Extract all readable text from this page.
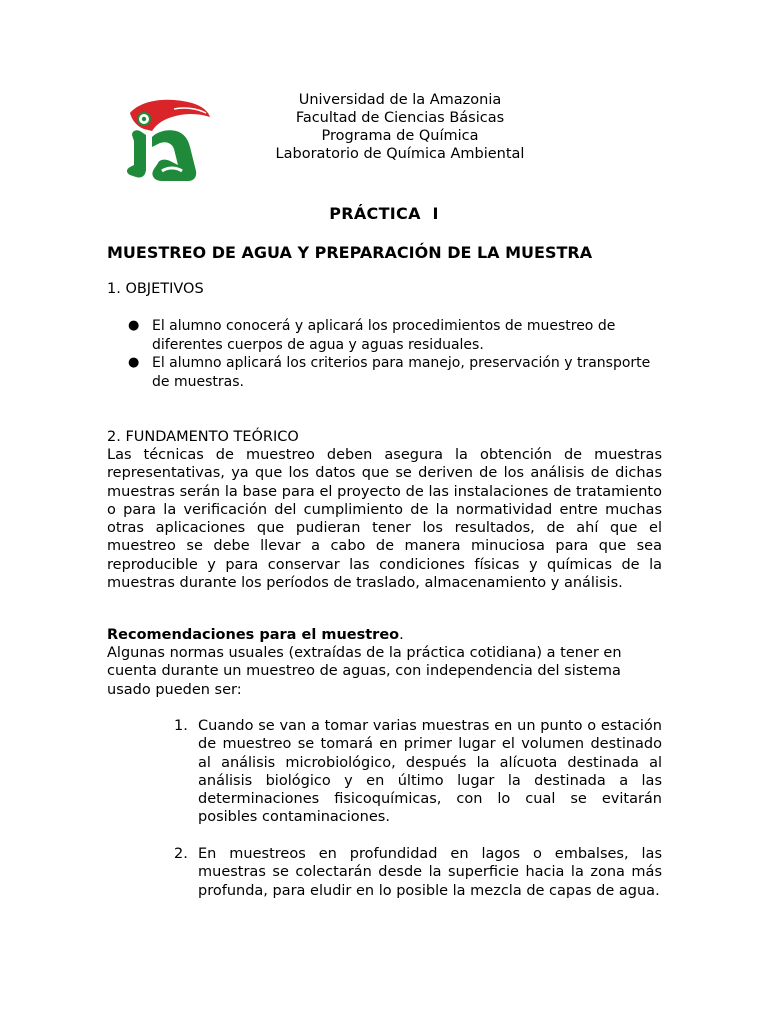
Universidad de la Amazonia
Facultad de Ciencias Básicas
Programa de Química
Laboratorio de Química Ambiental
PRÁCTICA  I
MUESTREO DE AGUA Y PREPARACIÓN DE LA MUESTRA
1. OBJETIVOS
● El alumno conocerá y aplicará los procedimientos de muestreo de diferentes cuerpos de agua y aguas residuales.
● El alumno aplicará los criterios para manejo, preservación y transporte de muestras.
2. FUNDAMENTO TEÓRICO
Las técnicas de muestreo deben asegura la obtención de muestras representativas, ya que los datos que se deriven de los análisis de dichas muestras serán la base para el proyecto de las instalaciones de tratamiento o para la verificación del cumplimiento de la normatividad entre muchas otras aplicaciones que pudieran tener los resultados, de ahí que el muestreo se debe llevar a cabo de manera minuciosa para que sea reproducible y para conservar las condiciones físicas y químicas de la muestras durante los períodos de traslado, almacenamiento y análisis.
Recomendaciones para el muestreo.
Algunas normas usuales (extraídas de la práctica cotidiana) a tener en cuenta durante un muestreo de aguas, con independencia del sistema usado pueden ser:
1. Cuando se van a tomar varias muestras en un punto o estación de muestreo se tomará en primer lugar el volumen destinado al análisis microbiológico, después la alícuota destinada al análisis biológico y en último lugar la destinada a las determinaciones fisicoquímicas, con lo cual se evitarán posibles contaminaciones.
2. En muestreos en profundidad en lagos o embalses, las muestras se colectarán desde la superficie hacia la zona más profunda, para eludir en lo posible la mezcla de capas de agua.
